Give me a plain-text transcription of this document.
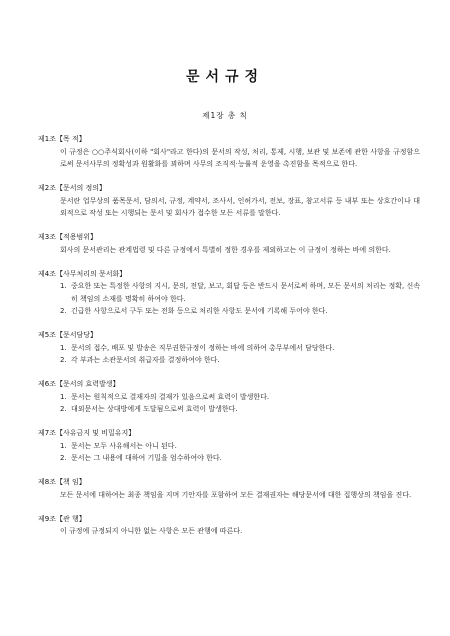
문서규정
제1장 총 칙
제1조【목 적】
이 규정은 ○○주식회사(이하 "회사"라고 한다)의 문서의 작성, 처리, 통제, 시행, 보관 및 보존에 관한 사항을 규정함으로써 문서사무의 정확성과 원활화를 꾀하며 사무의 조직적·능률적 운영을 촉진함을 목적으로 한다.
제2조【문서의 정의】
문서란 업무상의 품목문서, 담의서, 규정, 계약서, 조사서, 인허가서, 전보, 장표, 참고서류 등 내부 또는 상호간이나 대외적으로 작성 또는 시행되는 문서 및 회사가 접수한 모든 서류를 말한다.
제3조【적용범위】
회사의 문서관리는 관계법령 및 다른 규정에서 특별히 정한 경우를 제외하고는 이 규정이 정하는 바에 의한다.
제4조【사무처리의 문서화】
1. 중요한 또는 특정한 사항의 지시, 문의, 전달, 보고, 회답 등은 반드시 문서로써 하며, 모든 문서의 처리는 정확, 신속히 책임의 소재를 명확히 하여야 한다.
2. 긴급한 사항으로서 구두 또는 전화 등으로 처리한 사항도 문서에 기록해 두어야 한다.
제5조【문서담당】
1. 문서의 접수, 배포 및 발송은 직무권한규정이 정하는 바에 의하여 총무부에서 담당한다.
2. 각 부과는 소관문서의 취급자를 결정하여야 한다.
제6조【문서의 효력발생】
1. 문서는 원칙적으로 결재자의 결재가 있음으로써 효력이 발생한다.
2. 대외문서는 상대방에게 도달됨으로써 효력이 발생한다.
제7조【사유금지 및 비밀유지】
1. 문서는 모두 사유해서는 아니 된다.
2. 문서는 그 내용에 대하여 기밀을 엄수하여야 한다.
제8조【책 임】
모든 문서에 대하여는 최종 책임을 지며 기안자를 포함하여 모든 결재권자는 해당문서에 대한 집행상의 책임을 진다.
제9조【관 행】
이 규정에 규정되지 아니한 없는 사항은 모든 관행에 따른다.
